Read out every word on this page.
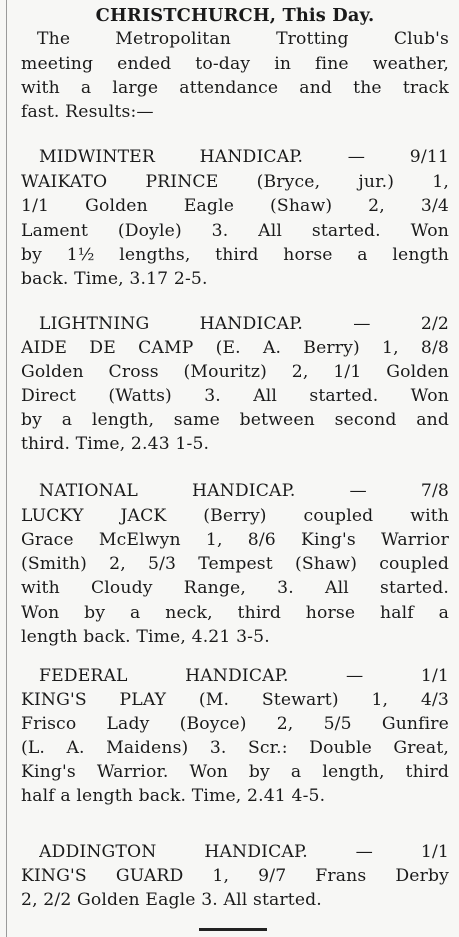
CHRISTCHURCH, This Day.
The Metropolitan Trotting Club's
meeting ended to-day in fine weather,
with a large attendance and the track
fast. Results:—
MIDWINTER HANDICAP. — 9/11
WAIKATO PRINCE (Bryce, jur.) 1,
1/1 Golden Eagle (Shaw) 2, 3/4
Lament (Doyle) 3. All started. Won
by 1½ lengths, third horse a length
back. Time, 3.17 2-5.
LIGHTNING HANDICAP. — 2/2
AIDE DE CAMP (E. A. Berry) 1, 8/8
Golden Cross (Mouritz) 2, 1/1 Golden
Direct (Watts) 3. All started. Won
by a length, same between second and
third. Time, 2.43 1-5.
NATIONAL HANDICAP. — 7/8
LUCKY JACK (Berry) coupled with
Grace McElwyn 1, 8/6 King's Warrior
(Smith) 2, 5/3 Tempest (Shaw) coupled
with Cloudy Range, 3. All started.
Won by a neck, third horse half a
length back. Time, 4.21 3-5.
FEDERAL HANDICAP. — 1/1
KING'S PLAY (M. Stewart) 1, 4/3
Frisco Lady (Boyce) 2, 5/5 Gunfire
(L. A. Maidens) 3. Scr.: Double Great,
King's Warrior. Won by a length, third
half a length back. Time, 2.41 4-5.
ADDINGTON HANDICAP. — 1/1
KING'S GUARD 1, 9/7 Frans Derby
2, 2/2 Golden Eagle 3. All started.
